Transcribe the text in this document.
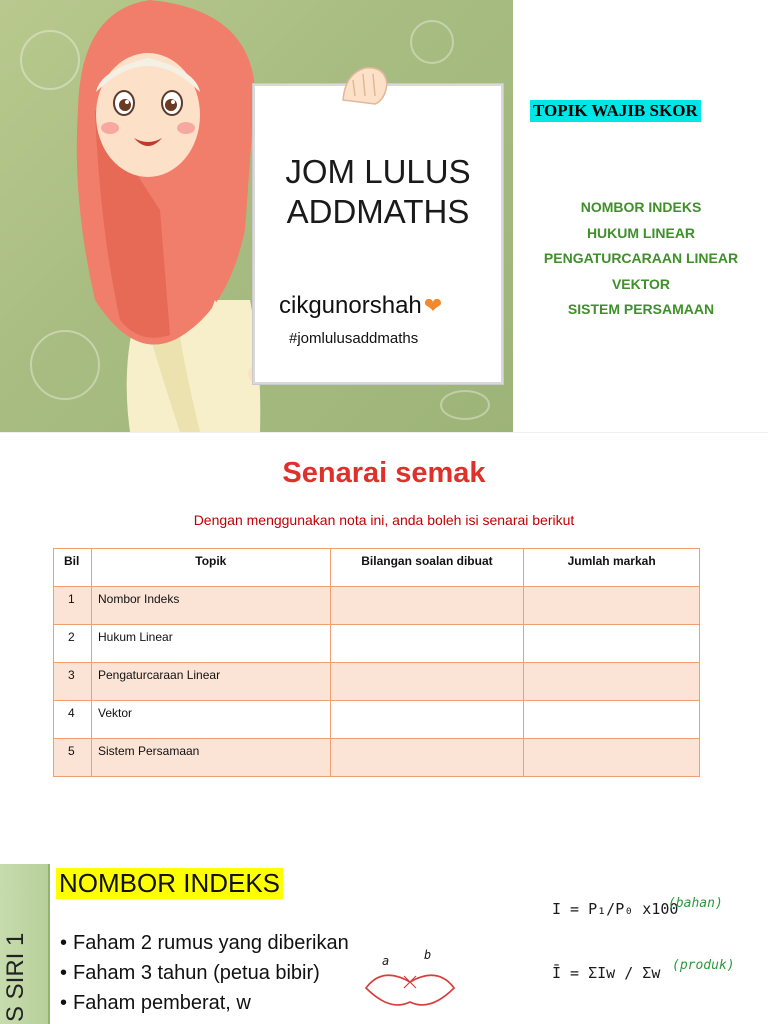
JOM LULUS
ADDMATHS
cikgunorshah❤
#jomlulusaddmaths
TOPIK WAJIB SKOR
NOMBOR INDEKS
HUKUM LINEAR
PENGATURCARAAN LINEAR
VEKTOR
SISTEM PERSAMAAN
Senarai semak

Dengan menggunakan nota ini, anda boleh isi senarai berikut

Bil	Topik	Bilangan soalan dibuat	Jumlah markah
1	Nombor Indeks		
2	Hukum Linear		
3	Pengaturcaraan Linear		
4	Vektor		
5	Sistem Persamaan		
S SIRI 1
NOMBOR INDEKS
• Faham 2 rumus yang diberikan
• Faham 3 tahun (petua bibir)
• Faham pemberat, w
I = P₁/P₀ x100
(bahan)
Ī = ΣIw / Σw (produk)
a	b
